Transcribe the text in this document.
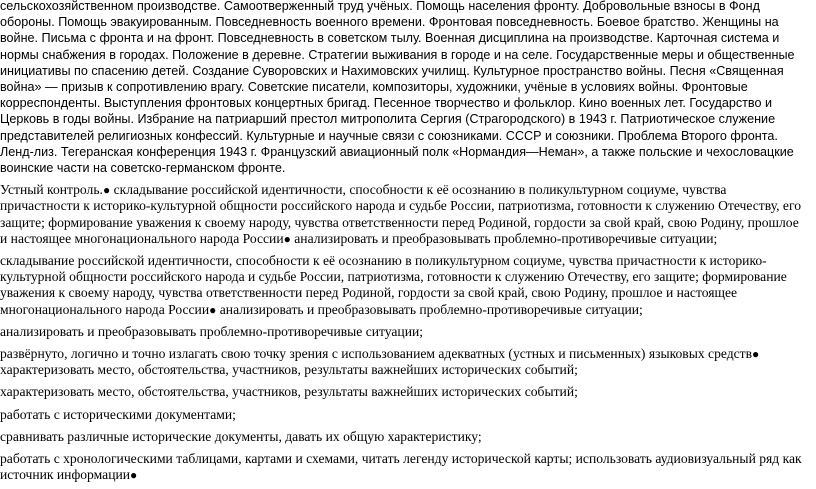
сельскохозяйственном производстве. Самоотверженный труд учёных. Помощь населения фронту. Добровольные взносы в Фонд обороны. Помощь эвакуированным. Повседневность военного времени. Фронтовая повседневность. Боевое братство. Женщины на войне. Письма с фронта и на фронт. Повседневность в советском тылу. Военная дисциплина на производстве. Карточная система и нормы снабжения в городах. Положение в деревне. Стратегии выживания в городе и на селе. Государственные меры и общественные инициативы по спасению детей. Создание Суворовских и Нахимовских училищ. Культурное пространство войны. Песня «Священная война» — призыв к сопротивлению врагу. Советские писатели, композиторы, художники, учёные в условиях войны. Фронтовые корреспонденты. Выступления фронтовых концертных бригад. Песенное творчество и фольклор. Кино военных лет. Государство и Церковь в годы войны. Избрание на патриарший престол митрополита Сергия (Страгородского) в 1943 г. Патриотическое служение представителей религиозных конфессий. Культурные и научные связи с союзниками. СССР и союзники. Проблема Второго фронта. Ленд-лиз. Тегеранская конференция 1943 г. Французский авиационный полк «Нормандия—Неман», а также польские и чехословацкие воинские части на советско-германском фронте.

Устный контроль.● складывание российской идентичности, способности к её осознанию в поликультурном социуме, чувства причастности к историко-культурной общности российского народа и судьбе России, патриотизма, готовности к служению Отечеству, его защите; формирование уважения к своему народу, чувства ответственности перед Родиной, гордости за свой край, свою Родину, прошлое и настоящее многонационального народа России● анализировать и преобразовывать проблемно-противоречивые ситуации;

складывание российской идентичности, способности к её осознанию в поликультурном социуме, чувства причастности к историко-культурной общности российского народа и судьбе России, патриотизма, готовности к служению Отечеству, его защите; формирование уважения к своему народу, чувства ответственности перед Родиной, гордости за свой край, свою Родину, прошлое и настоящее многонационального народа России● анализировать и преобразовывать проблемно-противоречивые ситуации;

анализировать и преобразовывать проблемно-противоречивые ситуации;

развёрнуто, логично и точно излагать свою точку зрения с использованием адекватных (устных и письменных) языковых средств● характеризовать место, обстоятельства, участников, результаты важнейших исторических событий;

характеризовать место, обстоятельства, участников, результаты важнейших исторических событий;

работать с историческими документами;

сравнивать различные исторические документы, давать их общую характеристику;

работать с хронологическими таблицами, картами и схемами, читать легенду исторической карты; использовать аудиовизуальный ряд как источник информации●
